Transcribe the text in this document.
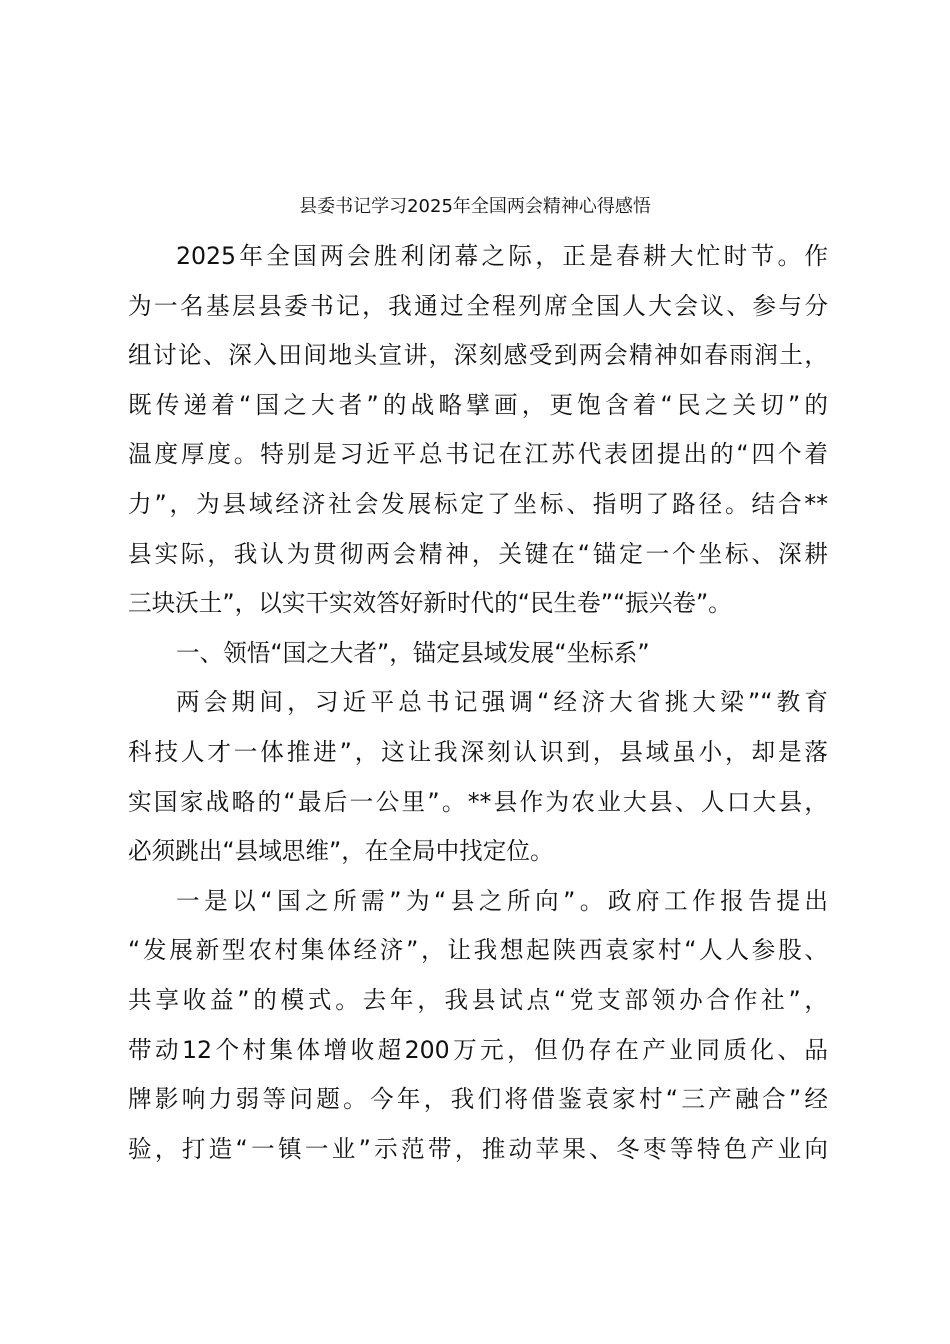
县委书记学习2025年全国两会精神心得感悟
2025年全国两会胜利闭幕之际，正是春耕大忙时节。作
为一名基层县委书记，我通过全程列席全国人大会议、参与分
组讨论、深入田间地头宣讲，深刻感受到两会精神如春雨润土，
既传递着“国之大者”的战略擘画，更饱含着“民之关切”的
温度厚度。特别是习近平总书记在江苏代表团提出的“四个着
力”，为县域经济社会发展标定了坐标、指明了路径。结合**
县实际，我认为贯彻两会精神，关键在“锚定一个坐标、深耕
三块沃土”，以实干实效答好新时代的“民生卷”“振兴卷”。
一、领悟“国之大者”，锚定县域发展“坐标系”
两会期间，习近平总书记强调“经济大省挑大梁”“教育
科技人才一体推进”，这让我深刻认识到，县域虽小，却是落
实国家战略的“最后一公里”。**县作为农业大县、人口大县，
必须跳出“县域思维”，在全局中找定位。
一是以“国之所需”为“县之所向”。政府工作报告提出
“发展新型农村集体经济”，让我想起陕西袁家村“人人参股、
共享收益”的模式。去年，我县试点“党支部领办合作社”，
带动12个村集体增收超200万元，但仍存在产业同质化、品
牌影响力弱等问题。今年，我们将借鉴袁家村“三产融合”经
验，打造“一镇一业”示范带，推动苹果、冬枣等特色产业向
